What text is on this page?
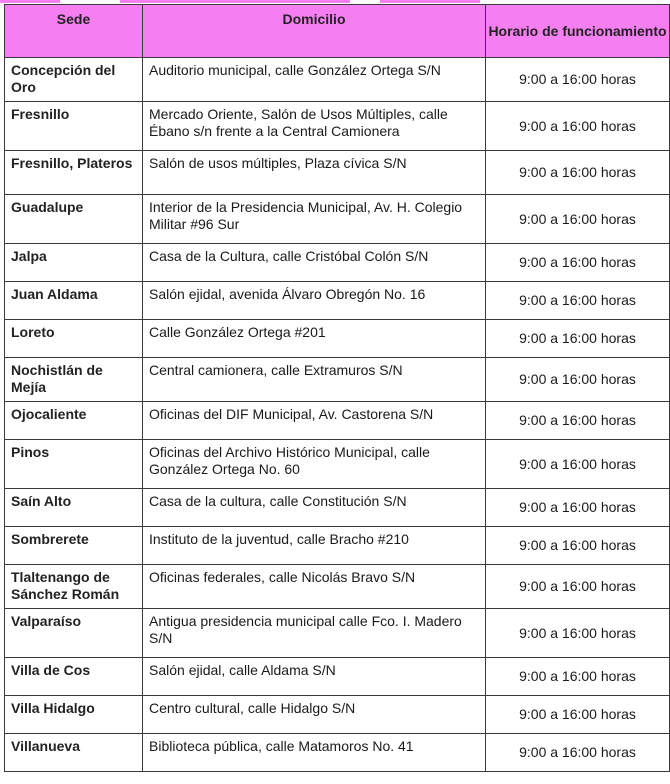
Sede	Domicilio	Horario de funcionamiento
Concepción del Oro	Auditorio municipal, calle González Ortega S/N	9:00 a 16:00 horas
Fresnillo	Mercado Oriente, Salón de Usos Múltiples, calle Ébano s/n frente a la Central Camionera	9:00 a 16:00 horas
Fresnillo, Plateros	Salón de usos múltiples, Plaza cívica S/N	9:00 a 16:00 horas
Guadalupe	Interior de la Presidencia Municipal, Av. H. Colegio Militar #96 Sur	9:00 a 16:00 horas
Jalpa	Casa de la Cultura, calle Cristóbal Colón S/N	9:00 a 16:00 horas
Juan Aldama	Salón ejidal, avenida Álvaro Obregón No. 16	9:00 a 16:00 horas
Loreto	Calle González Ortega #201	9:00 a 16:00 horas
Nochistlán de Mejía	Central camionera, calle Extramuros S/N	9:00 a 16:00 horas
Ojocaliente	Oficinas del DIF Municipal, Av. Castorena S/N	9:00 a 16:00 horas
Pinos	Oficinas del Archivo Histórico Municipal, calle González Ortega No. 60	9:00 a 16:00 horas
Saín Alto	Casa de la cultura, calle Constitución S/N	9:00 a 16:00 horas
Sombrerete	Instituto de la juventud, calle Bracho #210	9:00 a 16:00 horas
Tlaltenango de Sánchez Román	Oficinas federales, calle Nicolás Bravo S/N	9:00 a 16:00 horas
Valparaíso	Antigua presidencia municipal calle Fco. I. Madero S/N	9:00 a 16:00 horas
Villa de Cos	Salón ejidal, calle Aldama S/N	9:00 a 16:00 horas
Villa Hidalgo	Centro cultural, calle Hidalgo S/N	9:00 a 16:00 horas
Villanueva	Biblioteca pública, calle Matamoros No. 41	9:00 a 16:00 horas
